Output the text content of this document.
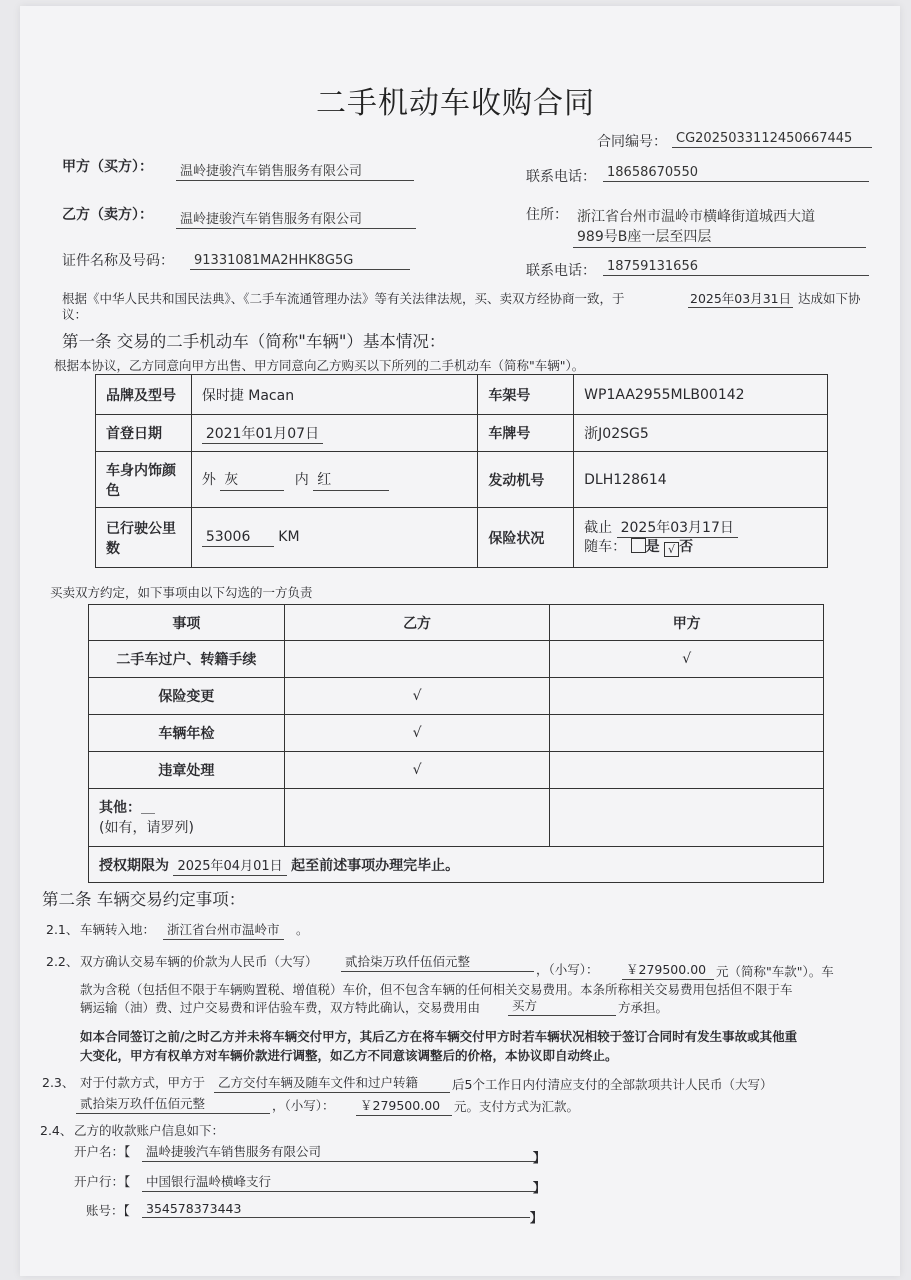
二手机动车收购合同
合同编号： CG2025033112450667445
甲方（买方）：	温岭捷骏汽车销售服务有限公司	联系电话： 18658670550
乙方（卖方）：	温岭捷骏汽车销售服务有限公司	住所： 浙江省台州市温岭市横峰街道城西大道
989号B座一层至四层
证件名称及号码：	91331081MA2HHK8G5G
联系电话： 18759131656
根据《中华人民共和国民法典》、《二手车流通管理办法》等有关法律法规，买、卖双方经协商一致，于	2025年03月31日 达成如下协
议：
第一条 交易的二手机动车（简称"车辆"）基本情况：
根据本协议，乙方同意向甲方出售、甲方同意向乙方购买以下所列的二手机动车（简称"车辆"）。
品牌及型号	保时捷 Macan	车架号	WP1AA2955MLB00142
首登日期	2021年01月07日	车牌号	浙J02SG5
车身内饰颜色	外 灰 内 红	发动机号	DLH128614
已行驶公里数	53006 KM	保险状况	截止 2025年03月17日
随车： 是 √ 否
买卖双方约定，如下事项由以下勾选的一方负责
事项	乙方	甲方
二手车过户、转籍手续		√
保险变更	√	
车辆年检	√	
违章处理	√	
其他：＿
(如有，请罗列)		
授权期限为 2025年04月01日 起至前述事项办理完毕止。		
第二条 车辆交易约定事项：
2.1、 车辆转入地： 浙江省台州市温岭市	。
2.2、 双方确认交易车辆的价款为人民币（大写）	贰拾柒万玖仟伍佰元整
，（小写）：	￥279500.00 元（简称"车款"）。车
款为含税（包括但不限于车辆购置税、增值税）车价，但不包含车辆的任何相关交易费用。本条所称相关交易费用包括但不限于车
辆运输（油）费、过户交易费和评估验车费，双方特此确认，交易费用由	买方	方承担。
如本合同签订之前/之时乙方并未将车辆交付甲方，其后乙方在将车辆交付甲方时若车辆状况相较于签订合同时有发生事故或其他重
大变化，甲方有权单方对车辆价款进行调整，如乙方不同意该调整后的价格，本协议即自动终止。
2.3、 对于付款方式，甲方于	乙方交付车辆及随车文件和过户转籍	后5个工作日内付清应支付的全部款项共计人民币（大写）
贰拾柒万玖仟伍佰元整	，（小写）：	￥279500.00	元。支付方式为汇款。
2.4、 乙方的收款账户信息如下：
开户名：【	温岭捷骏汽车销售服务有限公司	】
开户行：【	中国银行温岭横峰支行	】
账号：【	354578373443
】
